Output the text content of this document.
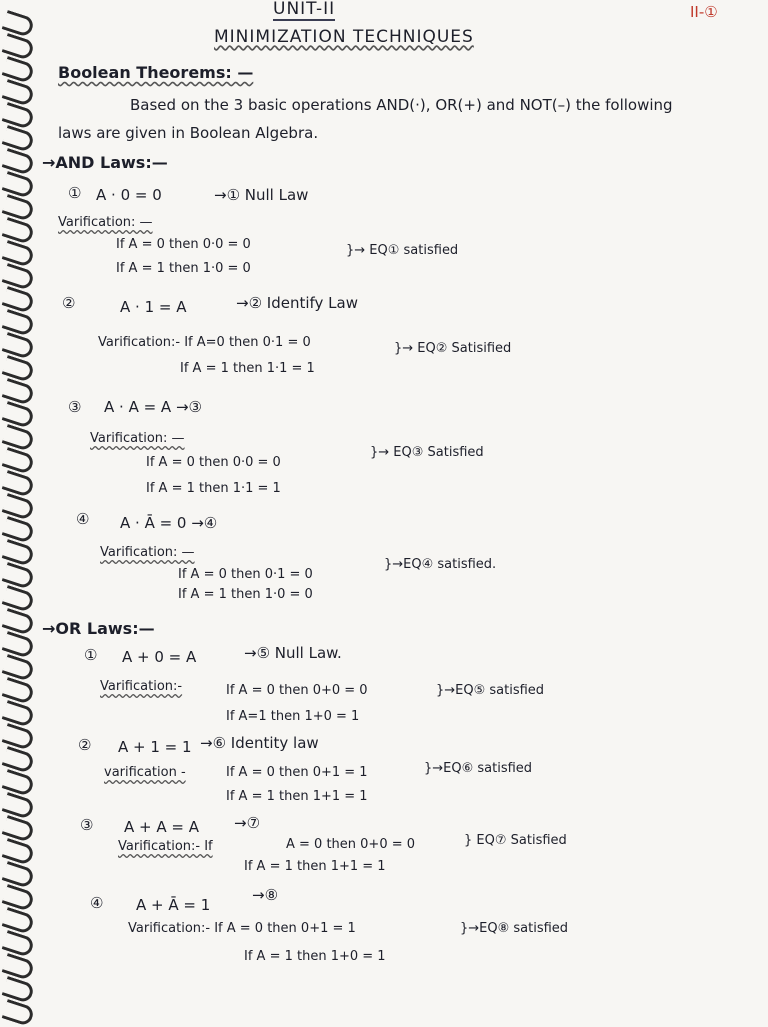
UNIT-II	II-①
MINIMIZATION TECHNIQUES
Boolean Theorems: —
Based on the 3 basic operations AND(·), OR(+) and NOT(–) the following
laws are given in Boolean Algebra.
→AND Laws:—
① A · 0 = 0	→① Null Law
Varification: —
If A = 0 then 0·0 = 0
If A = 1 then 1·0 = 0
}→ EQ① satisfied
②	A · 1 = A	→② Identify Law
Varification:- If A=0 then 0·1 = 0
If A = 1 then 1·1 = 1
}→ EQ② Satisified
③ A · A = A →③
Varification: —
If A = 0 then 0·0 = 0
If A = 1 then 1·1 = 1
}→ EQ③ Satisfied
④ A · Ā = 0 →④
Varification: —
If A = 0 then 0·1 = 0
If A = 1 then 1·0 = 0
}→EQ④ satisfied.
→OR Laws:—
① A + 0 = A	→⑤ Null Law.
Varification:-	If A = 0 then 0+0 = 0
If A=1 then 1+0 = 1
}→EQ⑤ satisfied
② A + 1 = 1 →⑥ Identity law
varification -	If A = 0 then 0+1 = 1
If A = 1 then 1+1 = 1
}→EQ⑥ satisfied
③ A + A = A →⑦
Varification:- If	A = 0 then 0+0 = 0
If A = 1 then 1+1 = 1
} EQ⑦ Satisfied
④ A + Ā = 1
→⑧
Varification:- If A = 0 then 0+1 = 1
If A = 1 then 1+0 = 1
}→EQ⑧ satisfied
